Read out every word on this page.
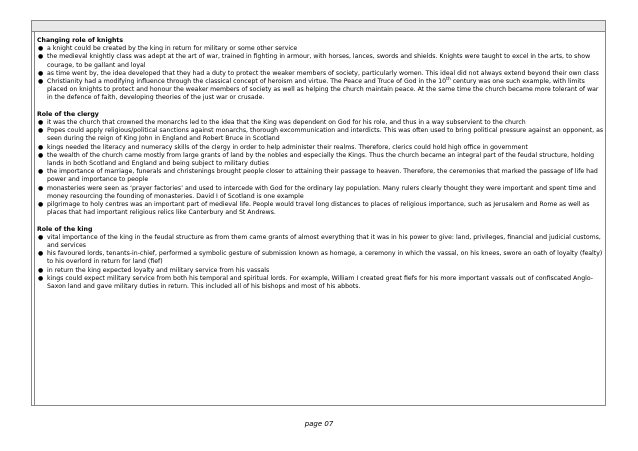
Changing role of knights
● a knight could be created by the king in return for military or some other service
● the medieval knightly class was adept at the art of war, trained in fighting in armour, with horses, lances, swords and shields. Knights were taught to excel in the arts, to show courage, to be gallant and loyal
● as time went by, the idea developed that they had a duty to protect the weaker members of society, particularly women. This ideal did not always extend beyond their own class
● Christianity had a modifying influence through the classical concept of heroism and virtue. The Peace and Truce of God in the 10th century was one such example, with limits placed on knights to protect and honour the weaker members of society as well as helping the church maintain peace. At the same time the church became more tolerant of war in the defence of faith, developing theories of the just war or crusade.
Role of the clergy
● it was the church that crowned the monarchs led to the idea that the King was dependent on God for his role, and thus in a way subservient to the church
● Popes could apply religious/political sanctions against monarchs, thorough excommunication and interdicts. This was often used to bring political pressure against an opponent, as seen during the reign of King John in England and Robert Bruce in Scotland
● kings needed the literacy and numeracy skills of the clergy in order to help administer their realms. Therefore, clerics could hold high office in government
● the wealth of the church came mostly from large grants of land by the nobles and especially the Kings. Thus the church became an integral part of the feudal structure, holding lands in both Scotland and England and being subject to military duties
● the importance of marriage, funerals and christenings brought people closer to attaining their passage to heaven. Therefore, the ceremonies that marked the passage of life had power and importance to people
● monasteries were seen as ‘prayer factories’ and used to intercede with God for the ordinary lay population. Many rulers clearly thought they were important and spent time and money resourcing the founding of monasteries. David I of Scotland is one example
● pilgrimage to holy centres was an important part of medieval life. People would travel long distances to places of religious importance, such as Jerusalem and Rome as well as places that had important religious relics like Canterbury and St Andrews.
Role of the king
● vital importance of the king in the feudal structure as from them came grants of almost everything that it was in his power to give: land, privileges, financial and judicial customs, and services
● his favoured lords, tenants-in-chief, performed a symbolic gesture of submission known as homage, a ceremony in which the vassal, on his knees, swore an oath of loyalty (fealty) to his overlord in return for land (fief)
● in return the king expected loyalty and military service from his vassals
● kings could expect military service from both his temporal and spiritual lords. For example, William I created great fiefs for his more important vassals out of confiscated Anglo-Saxon land and gave military duties in return. This included all of his bishops and most of his abbots.
page 07
